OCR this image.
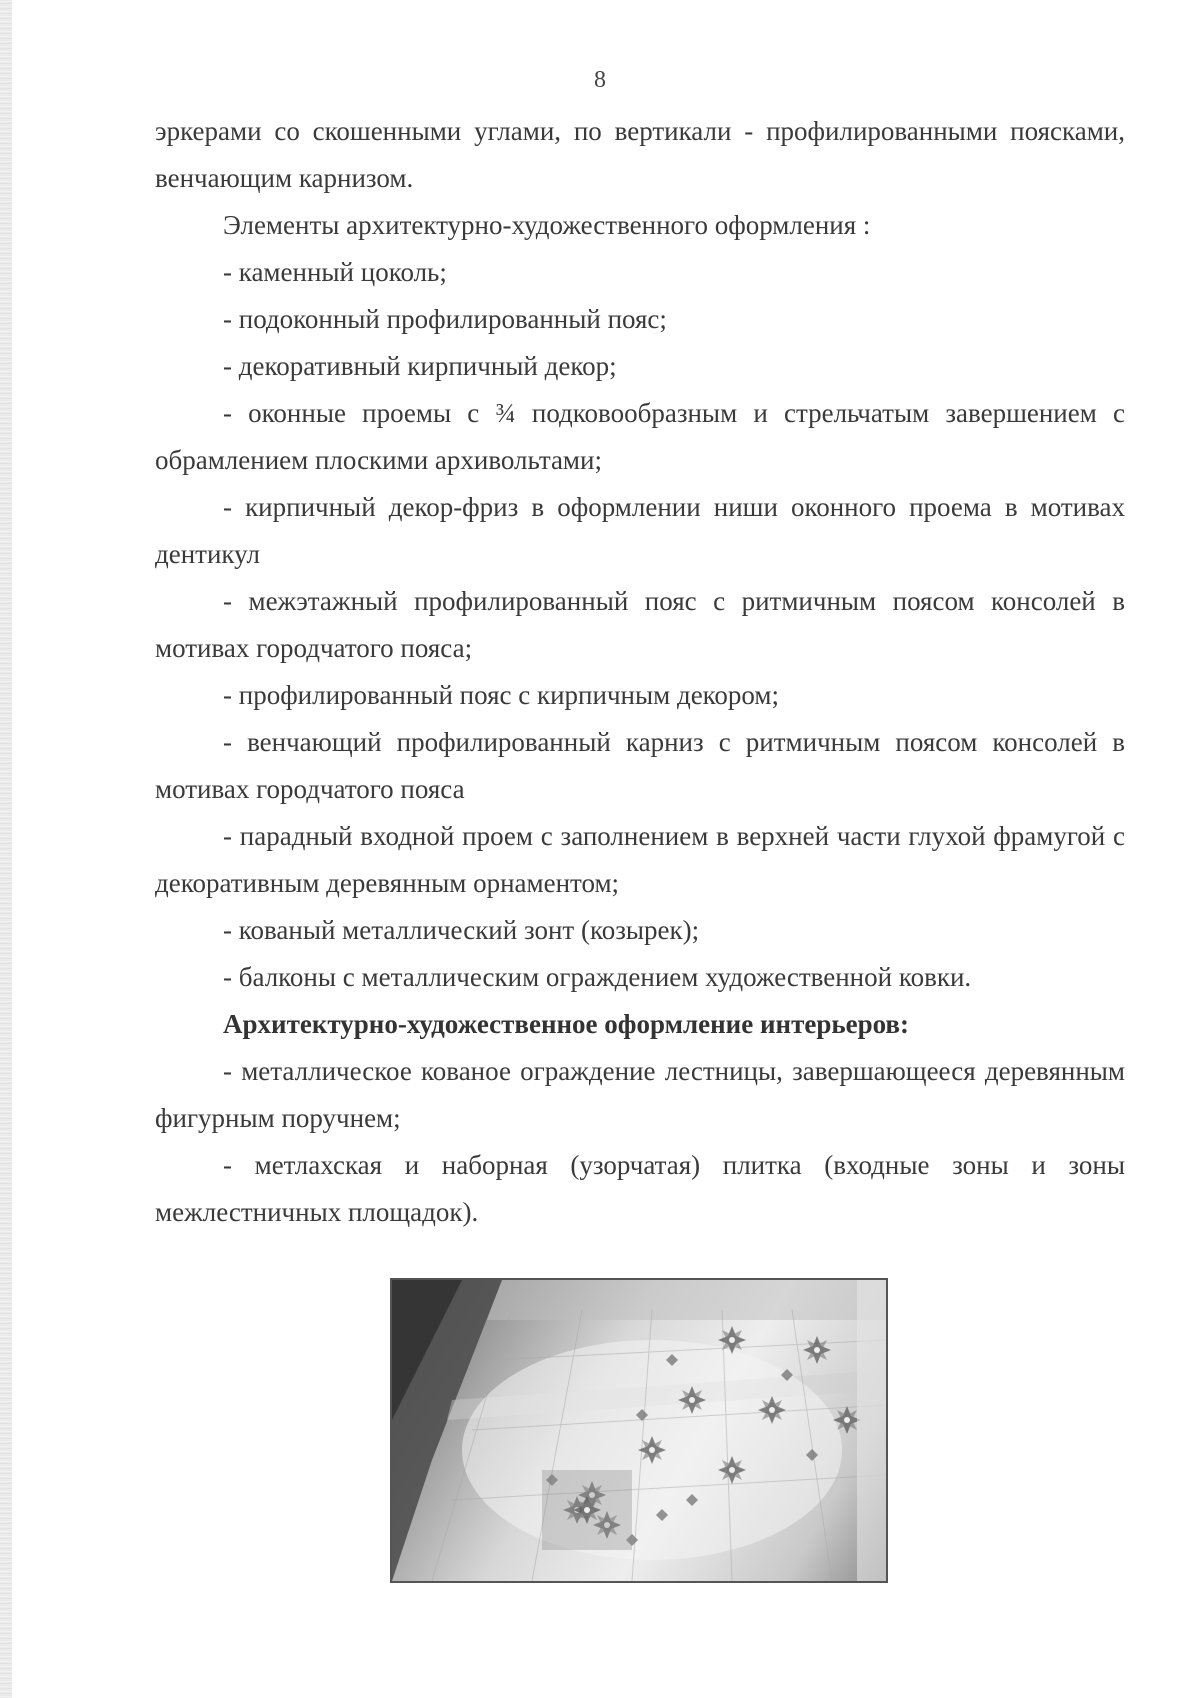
8

эркерами со скошенными углами, по вертикали - профилированными поясками, венчающим карнизом.

Элементы архитектурно-художественного оформления :

- каменный цоколь;

- подоконный профилированный пояс;

- декоративный кирпичный декор;

- оконные проемы с ¾ подковообразным и стрельчатым завершением с обрамлением плоскими архивольтами;

- кирпичный декор-фриз в оформлении ниши оконного проема в мотивах дентикул

- межэтажный профилированный пояс с ритмичным поясом консолей в мотивах городчатого пояса;

- профилированный пояс с кирпичным декором;

- венчающий профилированный карниз с ритмичным поясом консолей в мотивах городчатого пояса

- парадный входной проем с заполнением в верхней части глухой фрамугой с декоративным деревянным орнаментом;

- кованый металлический зонт (козырек);

- балконы с металлическим ограждением художественной ковки.

Архитектурно-художественное оформление интерьеров:

- металлическое кованое ограждение лестницы, завершающееся деревянным фигурным поручнем;

- метлахская и наборная (узорчатая) плитка (входные зоны и зоны межлестничных площадок).
